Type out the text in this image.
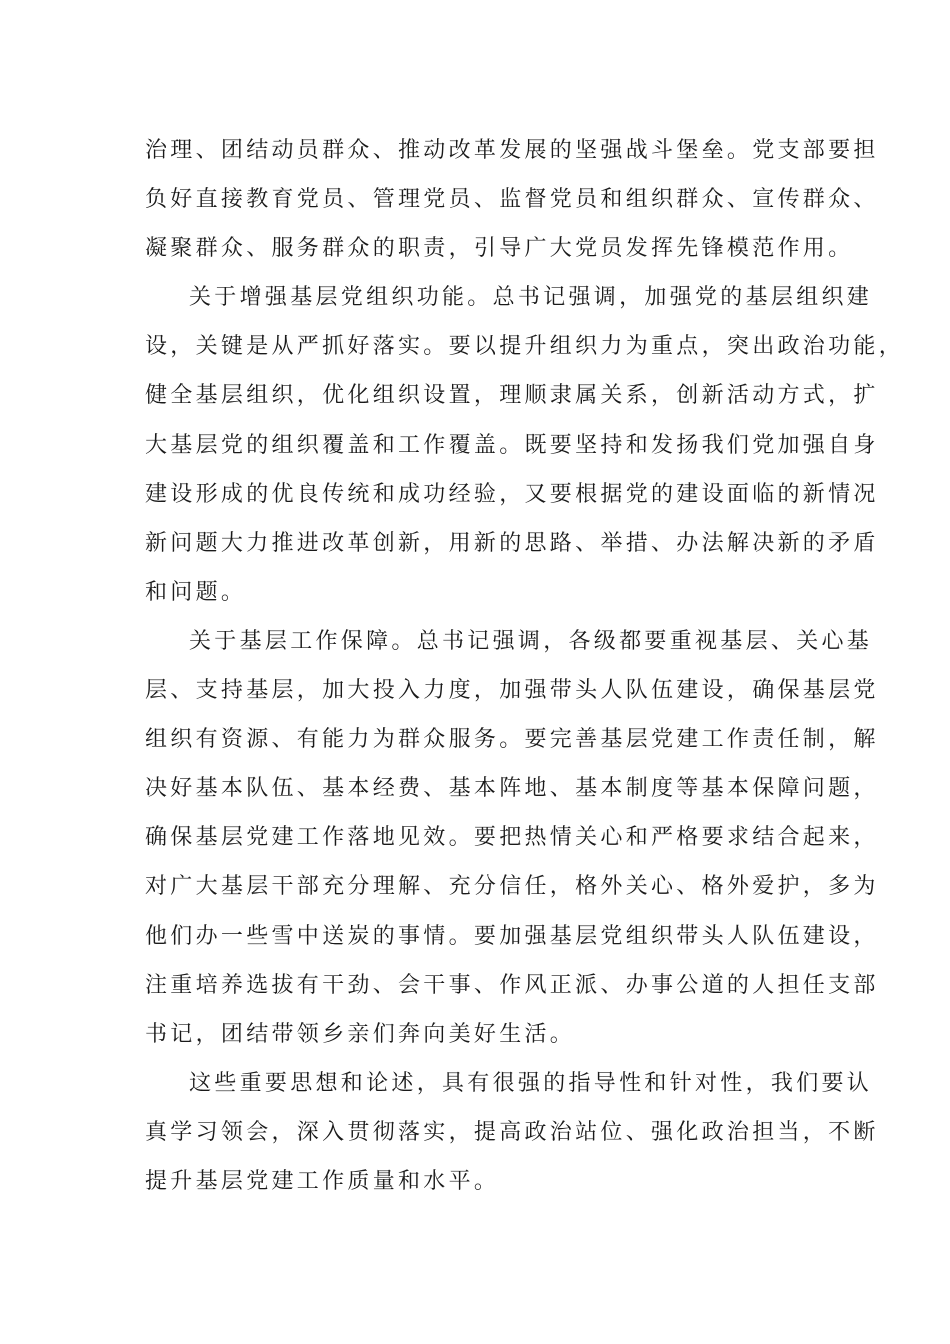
治理、团结动员群众、推动改革发展的坚强战斗堡垒。党支部要担
负好直接教育党员、管理党员、监督党员和组织群众、宣传群众、
凝聚群众、服务群众的职责，引导广大党员发挥先锋模范作用。
关于增强基层党组织功能。总书记强调，加强党的基层组织建
设，关键是从严抓好落实。要以提升组织力为重点，突出政治功能，
健全基层组织，优化组织设置，理顺隶属关系，创新活动方式，扩
大基层党的组织覆盖和工作覆盖。既要坚持和发扬我们党加强自身
建设形成的优良传统和成功经验，又要根据党的建设面临的新情况
新问题大力推进改革创新，用新的思路、举措、办法解决新的矛盾
和问题。
关于基层工作保障。总书记强调，各级都要重视基层、关心基
层、支持基层，加大投入力度，加强带头人队伍建设，确保基层党
组织有资源、有能力为群众服务。要完善基层党建工作责任制，解
决好基本队伍、基本经费、基本阵地、基本制度等基本保障问题，
确保基层党建工作落地见效。要把热情关心和严格要求结合起来，
对广大基层干部充分理解、充分信任，格外关心、格外爱护，多为
他们办一些雪中送炭的事情。要加强基层党组织带头人队伍建设，
注重培养选拔有干劲、会干事、作风正派、办事公道的人担任支部
书记，团结带领乡亲们奔向美好生活。
这些重要思想和论述，具有很强的指导性和针对性，我们要认
真学习领会，深入贯彻落实，提高政治站位、强化政治担当，不断
提升基层党建工作质量和水平。
